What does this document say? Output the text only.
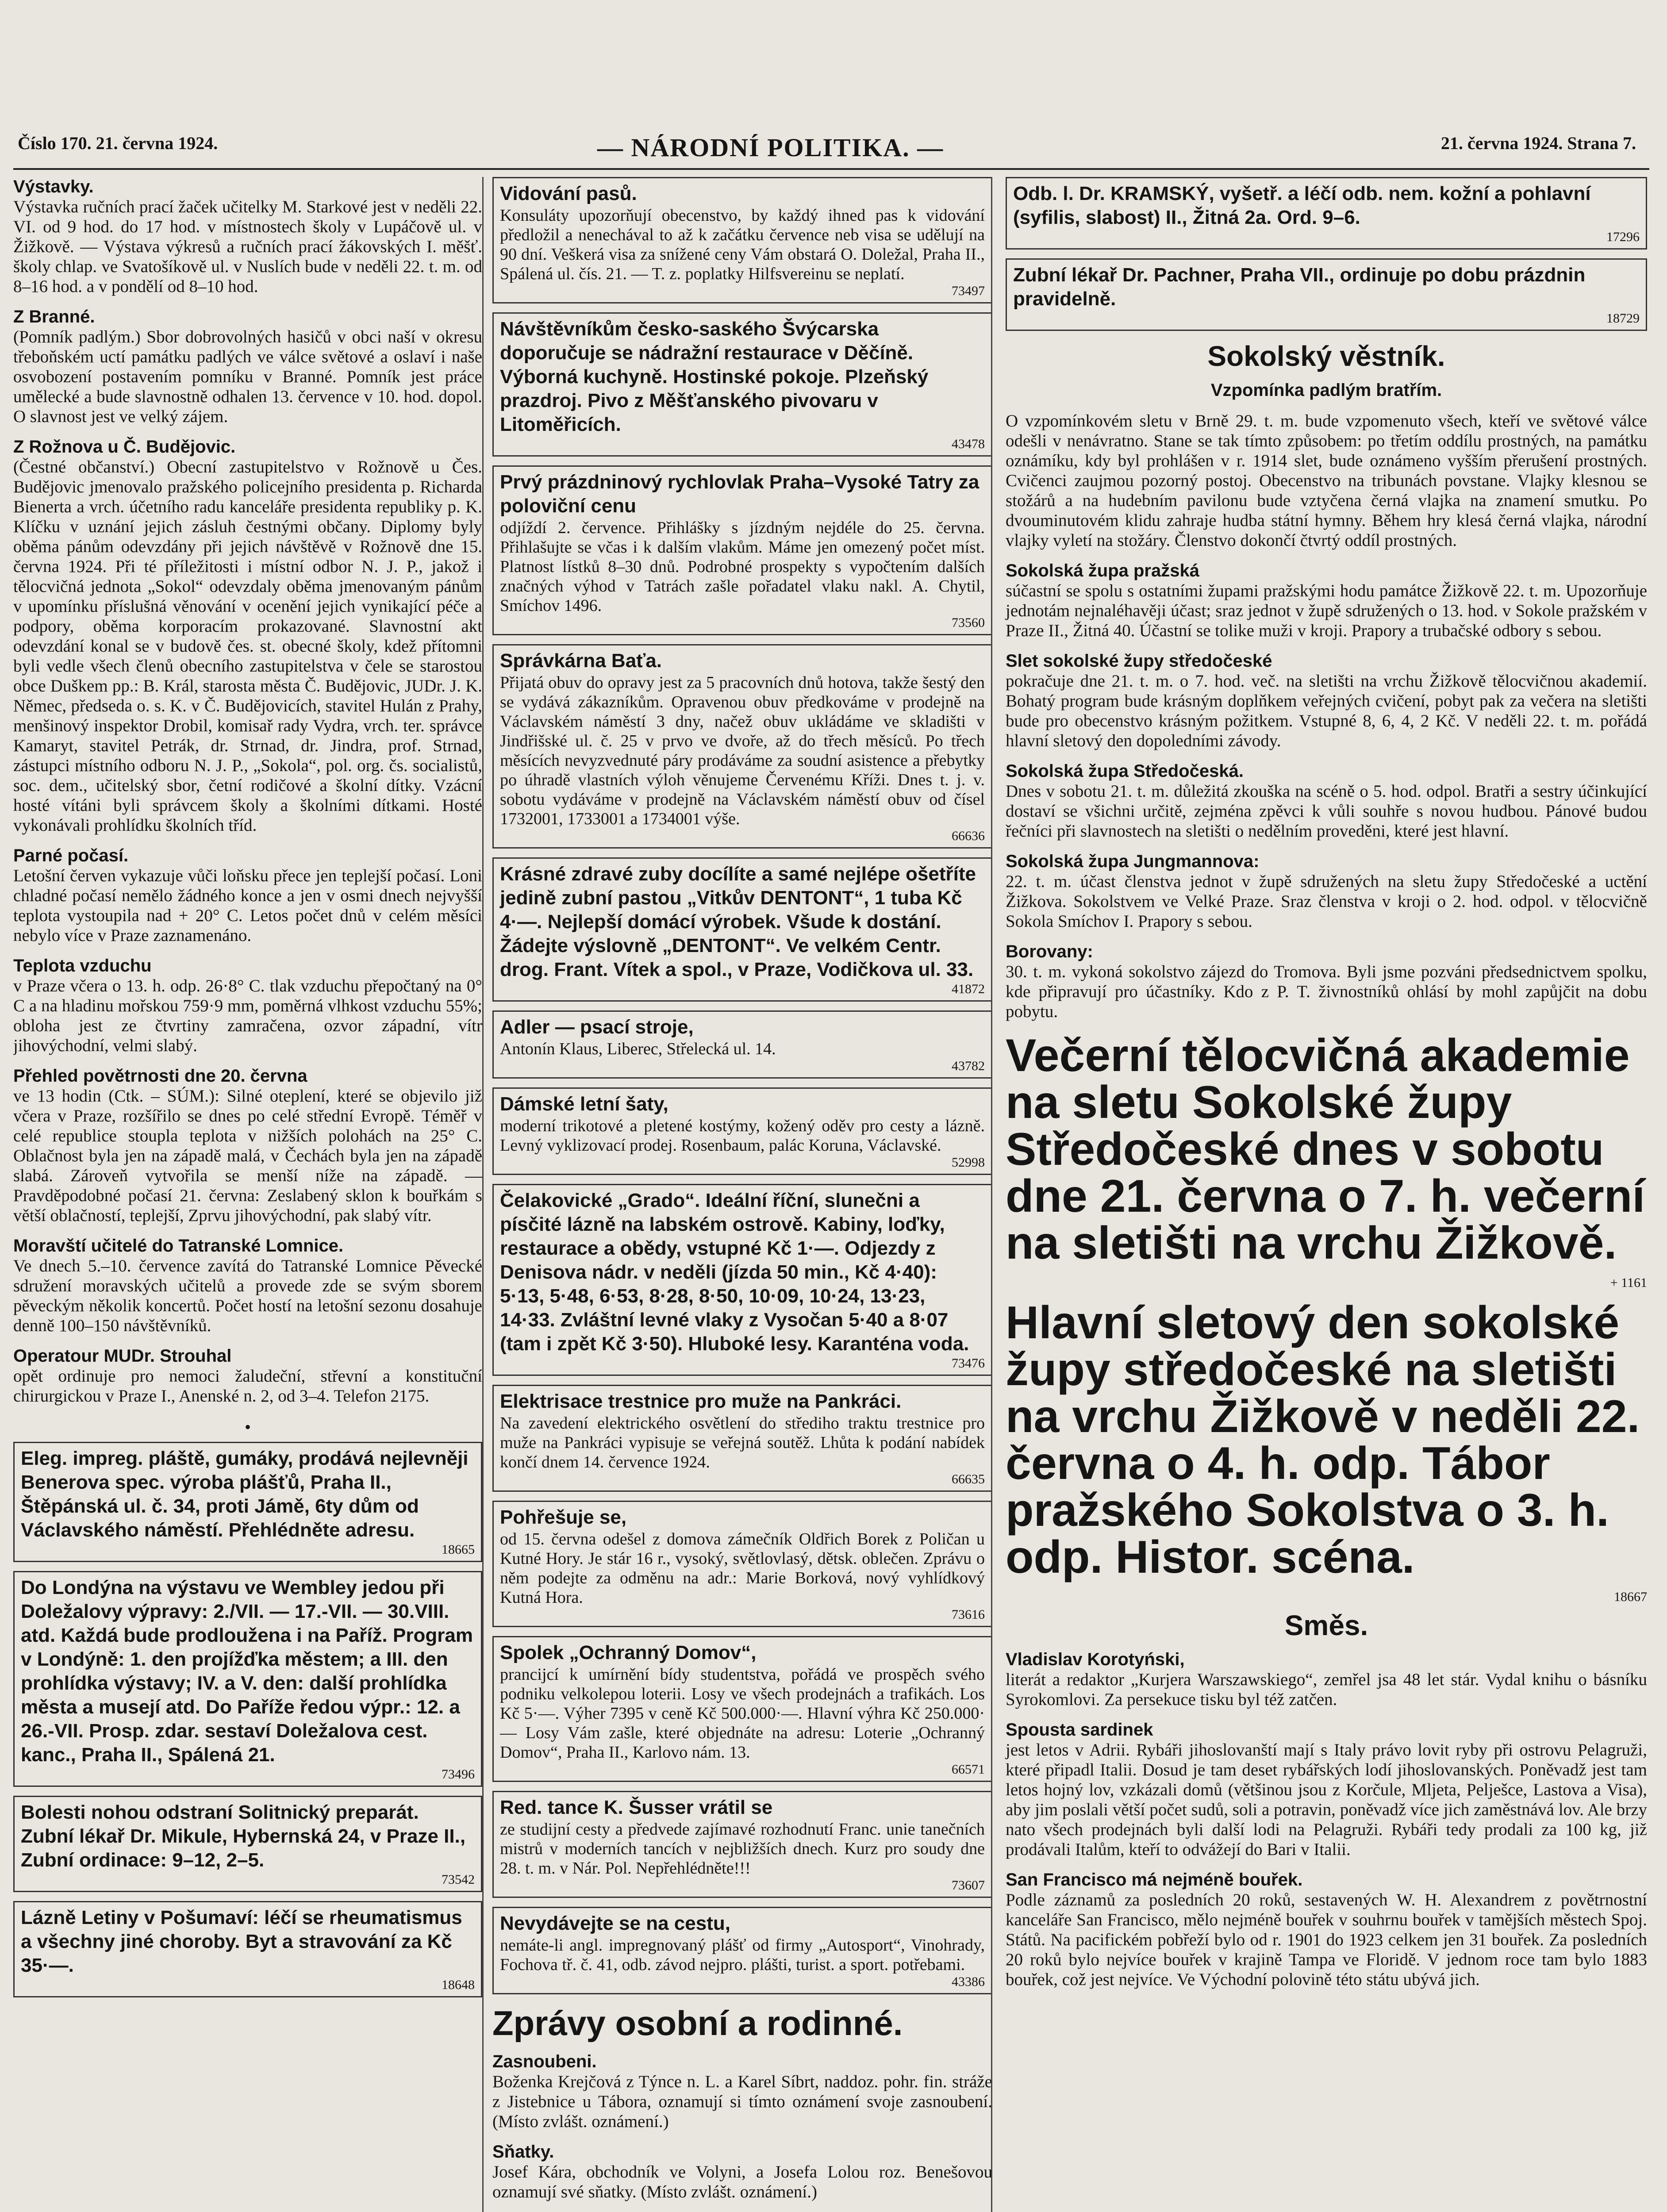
Číslo 170. 21. června 1924.	— NÁRODNÍ POLITIKA. —	21. června 1924. Strana 7.
Výstavky.

Výstavka ručních prací žaček učitelky M. Starkové jest v neděli 22. VI. od 9 hod. do 17 hod. v místnostech školy v Lupáčově ul. v Žižkově. — Výstava výkresů a ručních prací žákovských I. měšť. školy chlap. ve Svatošíkově ul. v Nuslích bude v neděli 22. t. m. od 8–16 hod. a v pondělí od 8–10 hod.

Z Branné.

(Pomník padlým.) Sbor dobrovolných hasičů v obci naší v okresu třeboňském uctí památku padlých ve válce světové a oslaví i naše osvobození postavením pomníku v Branné. Pomník jest práce umělecké a bude slavnostně odhalen 13. července v 10. hod. dopol. O slavnost jest ve velký zájem.

Z Rožnova u Č. Budějovic.

(Čestné občanství.) Obecní zastupitelstvo v Rožnově u Čes. Budějovic jmenovalo pražského policejního presidenta p. Richarda Bienerta a vrch. účetního radu kanceláře presidenta republiky p. K. Klíčku v uznání jejich zásluh čestnými občany. Diplomy byly oběma pánům odevzdány při jejich návštěvě v Rožnově dne 15. června 1924. Při té příležitosti i místní odbor N. J. P., jakož i tělocvičná jednota „Sokol“ odevzdaly oběma jmenovaným pánům v upomínku příslušná věnování v ocenění jejich vynikající péče a podpory, oběma korporacím prokazované. Slavnostní akt odevzdání konal se v budově čes. st. obecné školy, kdež přítomni byli vedle všech členů obecního zastupitelstva v čele se starostou obce Duškem pp.: B. Král, starosta města Č. Budějovic, JUDr. J. K. Němec, předseda o. s. K. v Č. Budějovicích, stavitel Hulán z Prahy, menšinový inspektor Drobil, komisař rady Vydra, vrch. ter. správce Kamaryt, stavitel Petrák, dr. Strnad, dr. Jindra, prof. Strnad, zástupci místního odboru N. J. P., „Sokola“, pol. org. čs. socialistů, soc. dem., učitelský sbor, četní rodičové a školní dítky. Vzácní hosté vítáni byli správcem školy a školními dítkami. Hosté vykonávali prohlídku školních tříd.

Parné počasí.

Letošní červen vykazuje vůči loňsku přece jen teplejší počasí. Loni chladné počasí nemělo žádného konce a jen v osmi dnech nejvyšší teplota vystoupila nad + 20° C. Letos počet dnů v celém měsíci nebylo více v Praze zaznamenáno.

Teplota vzduchu

v Praze včera o 13. h. odp. 26·8° C. tlak vzduchu přepočtaný na 0° C a na hladinu mořskou 759·9 mm, poměrná vlhkost vzduchu 55%; obloha jest ze čtvrtiny zamračena, ozvor západní, vítr jihovýchodní, velmi slabý.

Přehled povětrnosti dne 20. června

ve 13 hodin (Ctk. – SÚM.): Silné oteplení, které se objevilo již včera v Praze, rozšířilo se dnes po celé střední Evropě. Téměř v celé republice stoupla teplota v nižších polohách na 25° C. Oblačnost byla jen na západě malá, v Čechách byla jen na západě slabá. Zároveň vytvořila se menší níže na západě. — Pravděpodobné počasí 21. června: Zeslabený sklon k bouřkám s větší oblačností, teplejší, Zprvu jihovýchodní, pak slabý vítr.

Moravští učitelé do Tatranské Lomnice.

Ve dnech 5.–10. července zavítá do Tatranské Lomnice Pěvecké sdružení moravských učitelů a provede zde se svým sborem pěveckým několik koncertů. Počet hostí na letošní sezonu dosahuje denně 100–150 návštěvníků.

Operatour MUDr. Strouhal

opět ordinuje pro nemoci žaludeční, střevní a konstituční chirurgickou v Praze I., Anenské n. 2, od 3–4. Telefon 2175.

•
Eleg. impreg. pláště, gumáky, prodává nejlevněji Benerova spec. výroba plášťů, Praha II., Štěpánská ul. č. 34, proti Jámě, 6ty dům od Václavského náměstí. Přehlédněte adresu.
18665
Do Londýna na výstavu ve Wembley jedou při Doležalovy výpravy: 2./VII. — 17.-VII. — 30.VIII. atd. Každá bude prodloužena i na Paříž. Program v Londýně: 1. den projížďka městem; a III. den prohlídka výstavy; IV. a V. den: další prohlídka města a musejí atd. Do Paříže ředou výpr.: 12. a 26.-VII. Prosp. zdar. sestaví Doležalova cest. kanc., Praha II., Spálená 21.
73496
Bolesti nohou odstraní Solitnický preparát. Zubní lékař Dr. Mikule, Hybernská 24, v Praze II., Zubní ordinace: 9–12, 2–5.
73542
Lázně Letiny v Pošumaví: léčí se rheumatismus a všechny jiné choroby. Byt a stravování za Kč 35·—.
18648
Vidování pasů.

Konsuláty upozorňují obecenstvo, by každý ihned pas k vidování předložil a nenechával to až k začátku července neb visa se udělují na 90 dní. Veškerá visa za snížené ceny Vám obstará O. Doležal, Praha II., Spálená ul. čís. 21. — T. z. poplatky Hilfsvereinu se neplatí.

73497
Návštěvníkům česko-saského Švýcarska doporučuje se nádražní restaurace v Děčíně. Výborná kuchyně. Hostinské pokoje. Plzeňský prazdroj. Pivo z Měšťanského pivovaru v Litoměřicích.
43478
Prvý prázdninový rychlovlak Praha–Vysoké Tatry za poloviční cenu

odjíždí 2. července. Přihlášky s jízdným nejdéle do 25. června. Přihlašujte se včas i k dalším vlakům. Máme jen omezený počet míst. Platnost lístků 8–30 dnů. Podrobné prospekty s vypočtením dalších značných výhod v Tatrách zašle pořadatel vlaku nakl. A. Chytil, Smíchov 1496.

73560
Správkárna Baťa.

Přijatá obuv do opravy jest za 5 pracovních dnů hotova, takže šestý den se vydává zákazníkům. Opravenou obuv předkováme v prodejně na Václavském náměstí 3 dny, načež obuv ukládáme ve skladišti v Jindřišské ul. č. 25 v prvo ve dvoře, až do třech měsíců. Po třech měsících nevyzvednuté páry prodáváme za soudní asistence a přebytky po úhradě vlastních výloh věnujeme Červenému Kříži. Dnes t. j. v. sobotu vydáváme v prodejně na Václavském náměstí obuv od čísel 1732001, 1733001 a 1734001 výše.

66636
Krásné zdravé zuby docílíte a samé nejlépe ošetříte jedině zubní pastou „Vitkův DENTONT“, 1 tuba Kč 4·—. Nejlepší domácí výrobek. Všude k dostání. Žádejte výslovně „DENTONT“. Ve velkém Centr. drog. Frant. Vítek a spol., v Praze, Vodičkova ul. 33.
41872
Adler — psací stroje,

Antonín Klaus, Liberec, Střelecká ul. 14.

43782
Dámské letní šaty,

moderní trikotové a pletené kostýmy, kožený oděv pro cesty a lázně. Levný vyklizovací prodej. Rosenbaum, palác Koruna, Václavské.

52998
Čelakovické „Grado“. Ideální říční, slunečni a písčité lázně na labském ostrově. Kabiny, loďky, restaurace a obědy, vstupné Kč 1·—. Odjezdy z Denisova nádr. v neděli (jízda 50 min., Kč 4·40): 5·13, 5·48, 6·53, 8·28, 8·50, 10·09, 10·24, 13·23, 14·33. Zvláštní levné vlaky z Vysočan 5·40 a 8·07 (tam i zpět Kč 3·50). Hluboké lesy. Karanténa voda.
73476
Elektrisace trestnice pro muže na Pankráci.

Na zavedení elektrického osvětlení do střediho traktu trestnice pro muže na Pankráci vypisuje se veřejná soutěž. Lhůta k podání nabídek končí dnem 14. července 1924.

66635
Pohřešuje se,

od 15. června odešel z domova zámečník Oldřich Borek z Poličan u Kutné Hory. Je stár 16 r., vysoký, světlovlasý, dětsk. oblečen. Zprávu o něm podejte za odměnu na adr.: Marie Borková, nový vyhlídkový Kutná Hora.

73616
Spolek „Ochranný Domov“,

prancijcí k umírnění bídy studentstva, pořádá ve prospěch svého podniku velkolepou loterii. Losy ve všech prodejnách a trafikách. Los Kč 5·—. Výher 7395 v ceně Kč 500.000·—. Hlavní výhra Kč 250.000·— Losy Vám zašle, které objednáte na adresu: Loterie „Ochranný Domov“, Praha II., Karlovo nám. 13.

66571
Red. tance K. Šusser vrátil se

ze studijní cesty a předvede zajímavé rozhodnutí Franc. unie tanečních mistrů v moderních tancích v nejbližších dnech. Kurz pro soudy dne 28. t. m. v Nár. Pol. Nepřehlédněte!!!

73607
Nevydávejte se na cestu,

nemáte-li angl. impregnovaný plášť od firmy „Autosport“, Vinohrady, Fochova tř. č. 41, odb. závod nejpro. plášti, turist. a sport. potřebami.

43386
Zprávy osobní a rodinné.
Zasnoubeni.

Boženka Krejčová z Týnce n. L. a Karel Síbrt, naddoz. pohr. fin. stráže z Jistebnice u Tábora, oznamují si tímto oznámení svoje zasnoubení. (Místo zvlášt. oznámení.)

Sňatky.

Josef Kára, obchodník ve Volyni, a Josefa Lolou roz. Benešovou oznamují své sňatky. (Místo zvlášt. oznámení.)

Odb. l. Dr. KRAMSKÝ, vyšetř. a léčí odb. nem. kožní a pohlavní (syfilis, slabost) II., Žitná 2a. Ord. 9–6.
17296
Zubní lékař Dr. Pachner, Praha VII., ordinuje po dobu prázdnin pravidelně.
18729
Sokolský věstník.
Vzpomínka padlým bratřím.

O vzpomínkovém sletu v Brně 29. t. m. bude vzpomenuto všech, kteří ve světové válce odešli v nenávratno. Stane se tak tímto způsobem: po třetím oddílu prostných, na památku oznámíku, kdy byl prohlášen v r. 1914 slet, bude oznámeno vyšším přerušení prostných. Cvičenci zaujmou pozorný postoj. Obecenstvo na tribunách povstane. Vlajky klesnou se stožárů a na hudebním pavilonu bude vztyčena černá vlajka na znamení smutku. Po dvouminutovém klidu zahraje hudba státní hymny. Během hry klesá černá vlajka, národní vlajky vyletí na stožáry. Členstvo dokončí čtvrtý oddíl prostných.

Sokolská župa pražská

súčastní se spolu s ostatními župami pražskými hodu památce Žižkově 22. t. m. Upozorňuje jednotám nejnaléhavěji účast; sraz jednot v župě sdružených o 13. hod. v Sokole pražském v Praze II., Žitná 40. Účastní se tolike muži v kroji. Prapory a trubačské odbory s sebou.

Slet sokolské župy středočeské

pokračuje dne 21. t. m. o 7. hod. več. na sletišti na vrchu Žižkově tělocvičnou akademií. Bohatý program bude krásným doplňkem veřejných cvičení, pobyt pak za večera na sletišti bude pro obecenstvo krásným požitkem. Vstupné 8, 6, 4, 2 Kč. V neděli 22. t. m. pořádá hlavní sletový den dopoledními závody.

Sokolská župa Středočeská.

Dnes v sobotu 21. t. m. důležitá zkouška na scéně o 5. hod. odpol. Bratři a sestry účinkující dostaví se všichni určitě, zejména zpěvci k vůli souhře s novou hudbou. Pánové budou řečníci při slavnostech na sletišti o nedělním proveděni, které jest hlavní.

Sokolská župa Jungmannova:

22. t. m. účast členstva jednot v župě sdružených na sletu župy Středočeské a uctění Žižkova. Sokolstvem ve Velké Praze. Sraz členstva v kroji o 2. hod. odpol. v tělocvičně Sokola Smíchov I. Prapory s sebou.

Borovany:

30. t. m. vykoná sokolstvo zájezd do Tromova. Byli jsme pozváni předsednictvem spolku, kde připravují pro účastníky. Kdo z P. T. živnostníků ohlásí by mohl zapůjčit na dobu pobytu.

Večerní tělocvičná akademie na sletu Sokolské župy Středočeské dnes v sobotu dne 21. června o 7. h. večerní na sletišti na vrchu Žižkově.
+ 1161
Hlavní sletový den sokolské župy středočeské na sletišti na vrchu Žižkově v neděli 22. června o 4. h. odp. Tábor pražského Sokolstva o 3. h. odp. Histor. scéna.
18667
Směs.
Vladislav Korotyński,

literát a redaktor „Kurjera Warszawskiego“, zemřel jsa 48 let stár. Vydal knihu o básníku Syrokomlovi. Za persekuce tisku byl též zatčen.

Spousta sardinek

jest letos v Adrii. Rybáři jihoslovanští mají s Italy právo lovit ryby při ostrovu Pelagruži, které připadl Italii. Dosud je tam deset rybářských lodí jihoslovanských. Poněvadž jest tam letos hojný lov, vzkázali domů (většinou jsou z Korčule, Mljeta, Pelješce, Lastova a Visa), aby jim poslali větší počet sudů, soli a potravin, poněvadž více jich zaměstnává lov. Ale brzy nato všech prodejnách byli další lodi na Pelagruži. Rybáři tedy prodali za 100 kg, již prodávali Italům, kteří to odvážejí do Bari v Italii.

San Francisco má nejméně bouřek.

Podle záznamů za posledních 20 roků, sestavených W. H. Alexandrem z povětrnostní kanceláře San Francisco, mělo nejméně bouřek v souhrnu bouřek v tamějších městech Spoj. Států. Na pacifickém pobřeží bylo od r. 1901 do 1923 celkem jen 31 bouřek. Za posledních 20 roků bylo nejvíce bouřek v krajině Tampa ve Floridě. V jednom roce tam bylo 1883 bouřek, což jest nejvíce. Ve Východní polovině této státu ubývá jich.
